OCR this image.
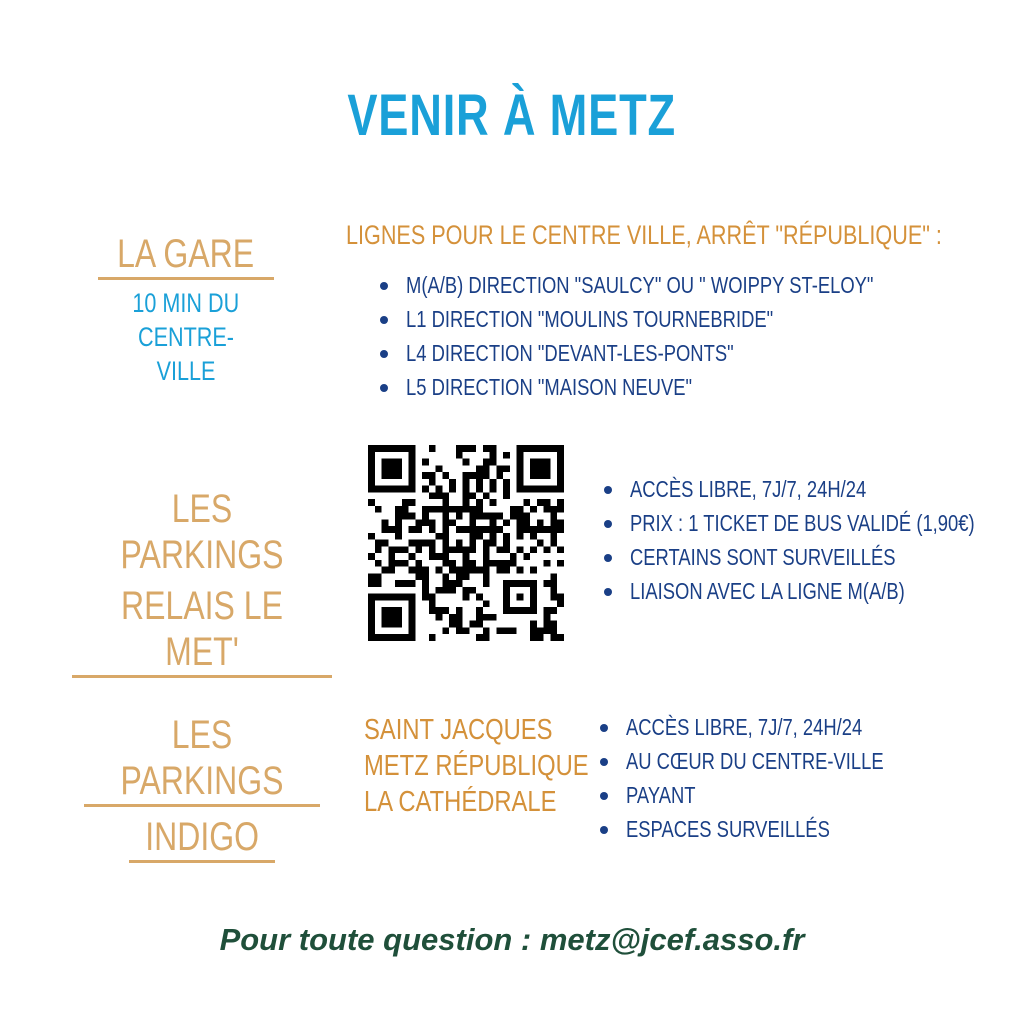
VENIR À METZ
LA GARE
10 MIN DU
CENTRE-VILLE
LIGNES POUR LE CENTRE VILLE, ARRÊT "RÉPUBLIQUE" :
M(A/B) DIRECTION "SAULCY" OU " WOIPPY ST-ELOY"
L1 DIRECTION "MOULINS TOURNEBRIDE"
L4 DIRECTION "DEVANT-LES-PONTS"
L5 DIRECTION "MAISON NEUVE"
LES PARKINGS
RELAIS LE MET'
ACCÈS LIBRE, 7J/7, 24H/24
PRIX : 1 TICKET DE BUS VALIDÉ (1,90€)
CERTAINS SONT SURVEILLÉS
LIAISON AVEC LA LIGNE M(A/B)
LES PARKINGS
INDIGO
SAINT JACQUES
METZ RÉPUBLIQUE
LA CATHÉDRALE
ACCÈS LIBRE, 7J/7, 24H/24
AU CŒUR DU CENTRE-VILLE
PAYANT
ESPACES SURVEILLÉS
Pour toute question : metz@jcef.asso.fr
